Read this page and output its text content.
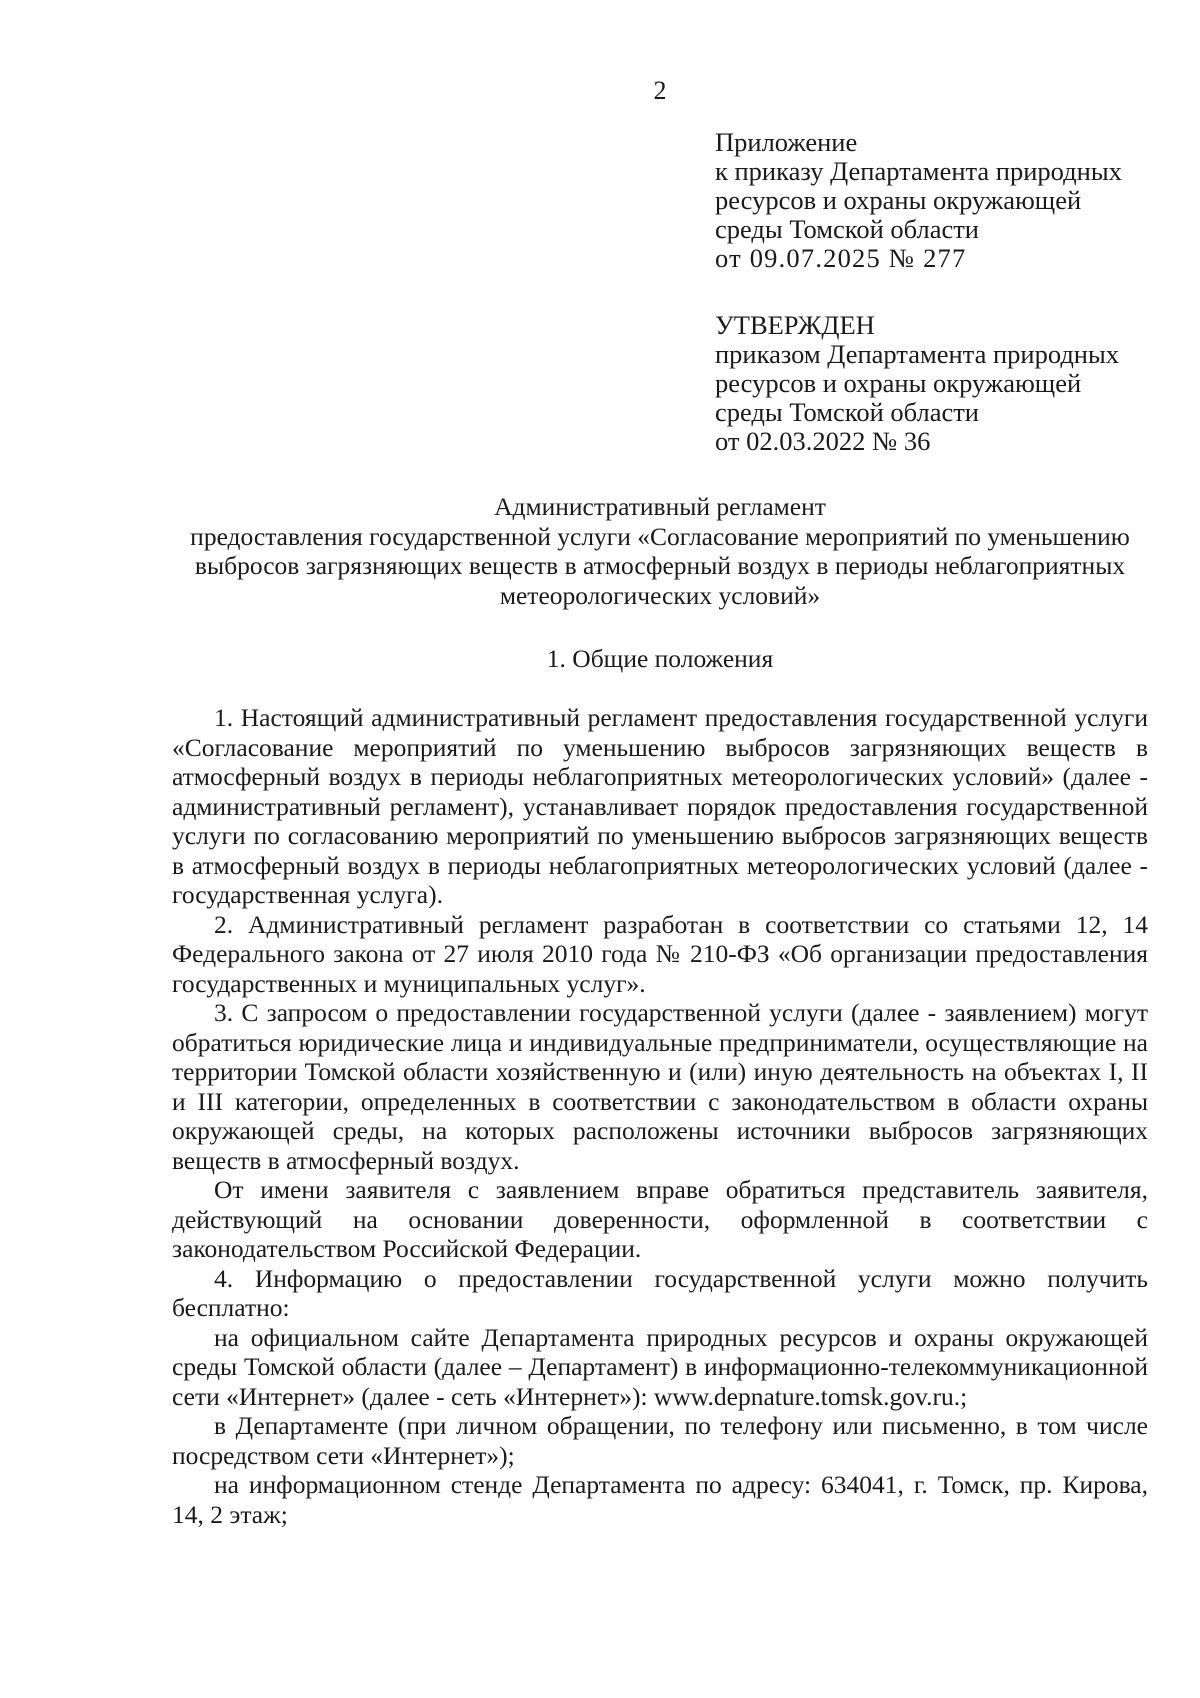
2
Приложение
к приказу Департамента природных
ресурсов и охраны окружающей
среды Томской области
от 09.07.2025 № 277
УТВЕРЖДЕН
приказом Департамента природных
ресурсов и охраны окружающей
среды Томской области
от 02.03.2022 № 36
Административный регламент
предоставления государственной услуги «Согласование мероприятий по уменьшению
выбросов загрязняющих веществ в атмосферный воздух в периоды неблагоприятных
метеорологических условий»
1. Общие положения

1. Настоящий административный регламент предоставления государственной услуги «Согласование мероприятий по уменьшению выбросов загрязняющих веществ в атмосферный воздух в периоды неблагоприятных метеорологических условий» (далее - административный регламент), устанавливает порядок предоставления государственной услуги по согласованию мероприятий по уменьшению выбросов загрязняющих веществ в атмосферный воздух в периоды неблагоприятных метеорологических условий (далее - государственная услуга).

2. Административный регламент разработан в соответствии со статьями 12, 14 Федерального закона от 27 июля 2010 года № 210-ФЗ «Об организации предоставления государственных и муниципальных услуг».

3. С запросом о предоставлении государственной услуги (далее - заявлением) могут обратиться юридические лица и индивидуальные предприниматели, осуществляющие на территории Томской области хозяйственную и (или) иную деятельность на объектах I, II и III категории, определенных в соответствии с законодательством в области охраны окружающей среды, на которых расположены источники выбросов загрязняющих веществ в атмосферный воздух.

От имени заявителя с заявлением вправе обратиться представитель заявителя, действующий на основании доверенности, оформленной в соответствии с законодательством Российской Федерации.

4. Информацию о предоставлении государственной услуги можно получить бесплатно:

на официальном сайте Департамента природных ресурсов и охраны окружающей среды Томской области (далее – Департамент) в информационно-телекоммуникационной сети «Интернет» (далее - сеть «Интернет»): www.depnature.tomsk.gov.ru.;

в Департаменте (при личном обращении, по телефону или письменно, в том числе посредством сети «Интернет»);

на информационном стенде Департамента по адресу: 634041, г. Томск, пр. Кирова, 14, 2 этаж;
